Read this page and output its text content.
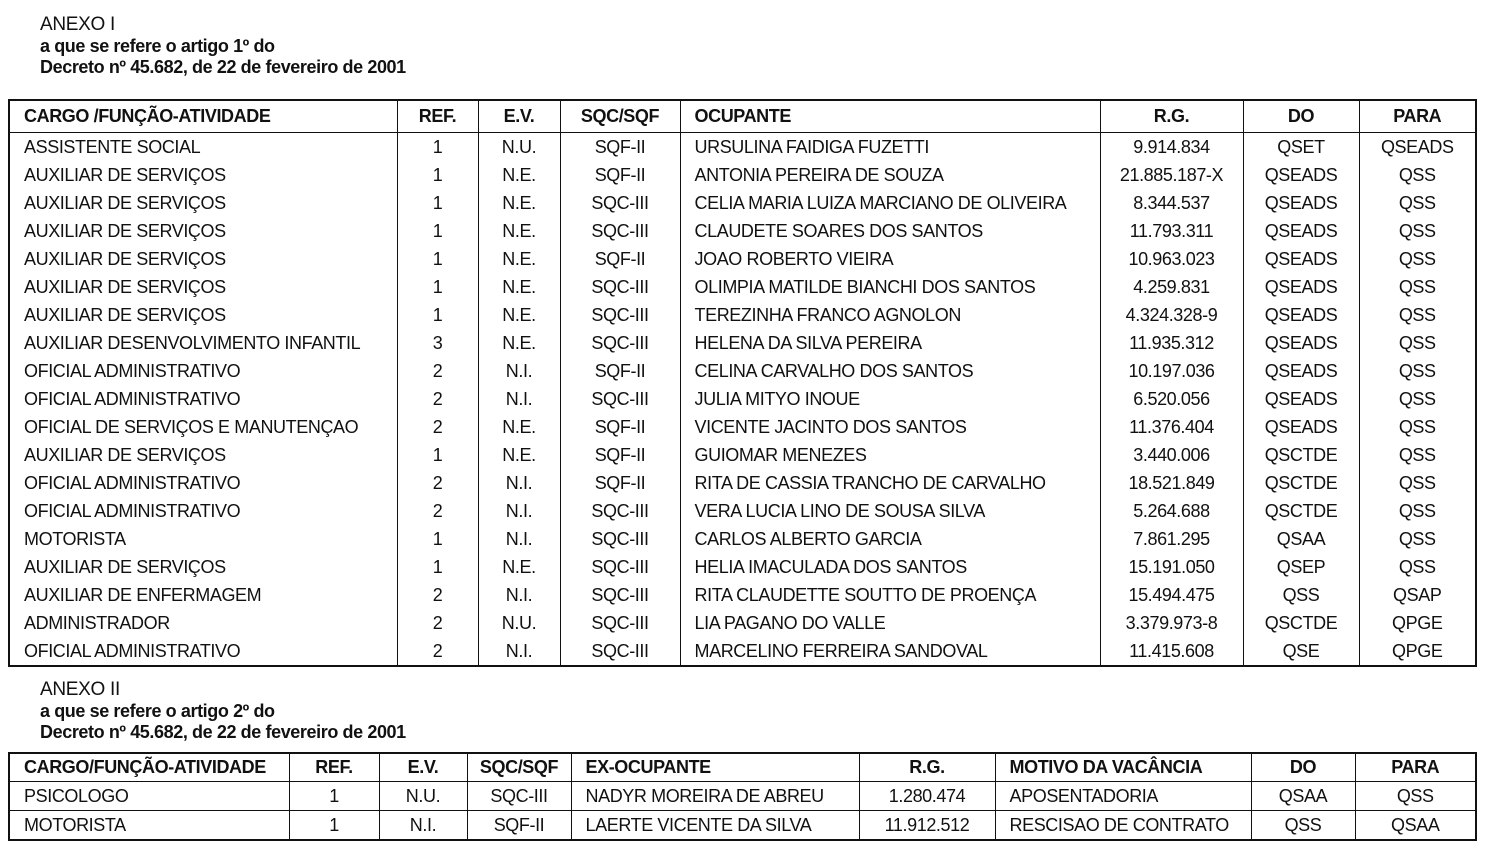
ANEXO I
a que se refere o artigo 1º do
Decreto nº 45.682, de 22 de fevereiro de 2001
CARGO /FUNÇÃO-ATIVIDADE	REF.	E.V.	SQC/SQF	OCUPANTE	R.G.	DO	PARA
ASSISTENTE SOCIAL	1	N.U.	SQF-II	URSULINA FAIDIGA FUZETTI	9.914.834	QSET	QSEADS
AUXILIAR DE SERVIÇOS	1	N.E.	SQF-II	ANTONIA PEREIRA DE SOUZA	21.885.187-X	QSEADS	QSS
AUXILIAR DE SERVIÇOS	1	N.E.	SQC-III	CELIA MARIA LUIZA MARCIANO DE OLIVEIRA	8.344.537	QSEADS	QSS
AUXILIAR DE SERVIÇOS	1	N.E.	SQC-III	CLAUDETE SOARES DOS SANTOS	11.793.311	QSEADS	QSS
AUXILIAR DE SERVIÇOS	1	N.E.	SQF-II	JOAO ROBERTO VIEIRA	10.963.023	QSEADS	QSS
AUXILIAR DE SERVIÇOS	1	N.E.	SQC-III	OLIMPIA MATILDE BIANCHI DOS SANTOS	4.259.831	QSEADS	QSS
AUXILIAR DE SERVIÇOS	1	N.E.	SQC-III	TEREZINHA FRANCO AGNOLON	4.324.328-9	QSEADS	QSS
AUXILIAR DESENVOLVIMENTO INFANTIL	3	N.E.	SQC-III	HELENA DA SILVA PEREIRA	11.935.312	QSEADS	QSS
OFICIAL ADMINISTRATIVO	2	N.I.	SQF-II	CELINA CARVALHO DOS SANTOS	10.197.036	QSEADS	QSS
OFICIAL ADMINISTRATIVO	2	N.I.	SQC-III	JULIA MITYO INOUE	6.520.056	QSEADS	QSS
OFICIAL DE SERVIÇOS E MANUTENÇAO	2	N.E.	SQF-II	VICENTE JACINTO DOS SANTOS	11.376.404	QSEADS	QSS
AUXILIAR DE SERVIÇOS	1	N.E.	SQF-II	GUIOMAR MENEZES	3.440.006	QSCTDE	QSS
OFICIAL ADMINISTRATIVO	2	N.I.	SQF-II	RITA DE CASSIA TRANCHO DE CARVALHO	18.521.849	QSCTDE	QSS
OFICIAL ADMINISTRATIVO	2	N.I.	SQC-III	VERA LUCIA LINO DE SOUSA SILVA	5.264.688	QSCTDE	QSS
MOTORISTA	1	N.I.	SQC-III	CARLOS ALBERTO GARCIA	7.861.295	QSAA	QSS
AUXILIAR DE SERVIÇOS	1	N.E.	SQC-III	HELIA IMACULADA DOS SANTOS	15.191.050	QSEP	QSS
AUXILIAR DE ENFERMAGEM	2	N.I.	SQC-III	RITA CLAUDETTE SOUTTO DE PROENÇA	15.494.475	QSS	QSAP
ADMINISTRADOR	2	N.U.	SQC-III	LIA PAGANO DO VALLE	3.379.973-8	QSCTDE	QPGE
OFICIAL ADMINISTRATIVO	2	N.I.	SQC-III	MARCELINO FERREIRA SANDOVAL	11.415.608	QSE	QPGE
ANEXO II
a que se refere o artigo 2º do
Decreto nº 45.682, de 22 de fevereiro de 2001
CARGO/FUNÇÃO-ATIVIDADE	REF.	E.V.	SQC/SQF	EX-OCUPANTE	R.G.	MOTIVO DA VACÂNCIA	DO	PARA
PSICOLOGO	1	N.U.	SQC-III	NADYR MOREIRA DE ABREU	1.280.474	APOSENTADORIA	QSAA	QSS
MOTORISTA	1	N.I.	SQF-II	LAERTE VICENTE DA SILVA	11.912.512	RESCISAO DE CONTRATO	QSS	QSAA
